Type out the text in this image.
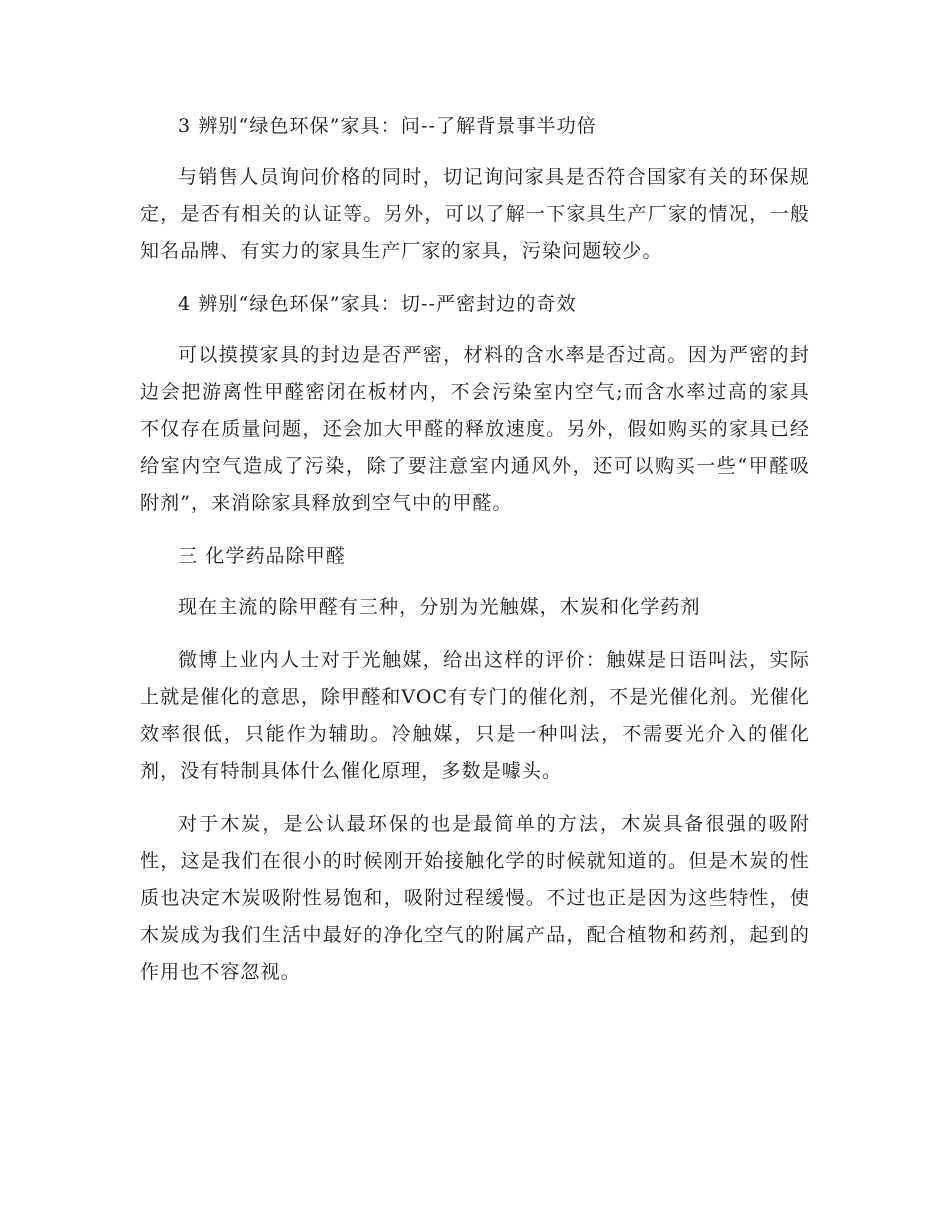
3 辨别“绿色环保”家具：问--了解背景事半功倍

与销售人员询问价格的同时，切记询问家具是否符合国家有关的环保规定，是否有相关的认证等。另外，可以了解一下家具生产厂家的情况，一般知名品牌、有实力的家具生产厂家的家具，污染问题较少。

4 辨别“绿色环保”家具：切--严密封边的奇效

可以摸摸家具的封边是否严密，材料的含水率是否过高。因为严密的封边会把游离性甲醛密闭在板材内，不会污染室内空气;而含水率过高的家具不仅存在质量问题，还会加大甲醛的释放速度。另外，假如购买的家具已经给室内空气造成了污染，除了要注意室内通风外，还可以购买一些“甲醛吸附剂”，来消除家具释放到空气中的甲醛。

三 化学药品除甲醛

现在主流的除甲醛有三种，分别为光触媒，木炭和化学药剂

微博上业内人士对于光触媒，给出这样的评价：触媒是日语叫法，实际上就是催化的意思，除甲醛和VOC有专门的催化剂，不是光催化剂。光催化效率很低，只能作为辅助。冷触媒，只是一种叫法，不需要光介入的催化剂，没有特制具体什么催化原理，多数是噱头。

对于木炭，是公认最环保的也是最简单的方法，木炭具备很强的吸附性，这是我们在很小的时候刚开始接触化学的时候就知道的。但是木炭的性质也决定木炭吸附性易饱和，吸附过程缓慢。不过也正是因为这些特性，使木炭成为我们生活中最好的净化空气的附属产品，配合植物和药剂，起到的作用也不容忽视。
